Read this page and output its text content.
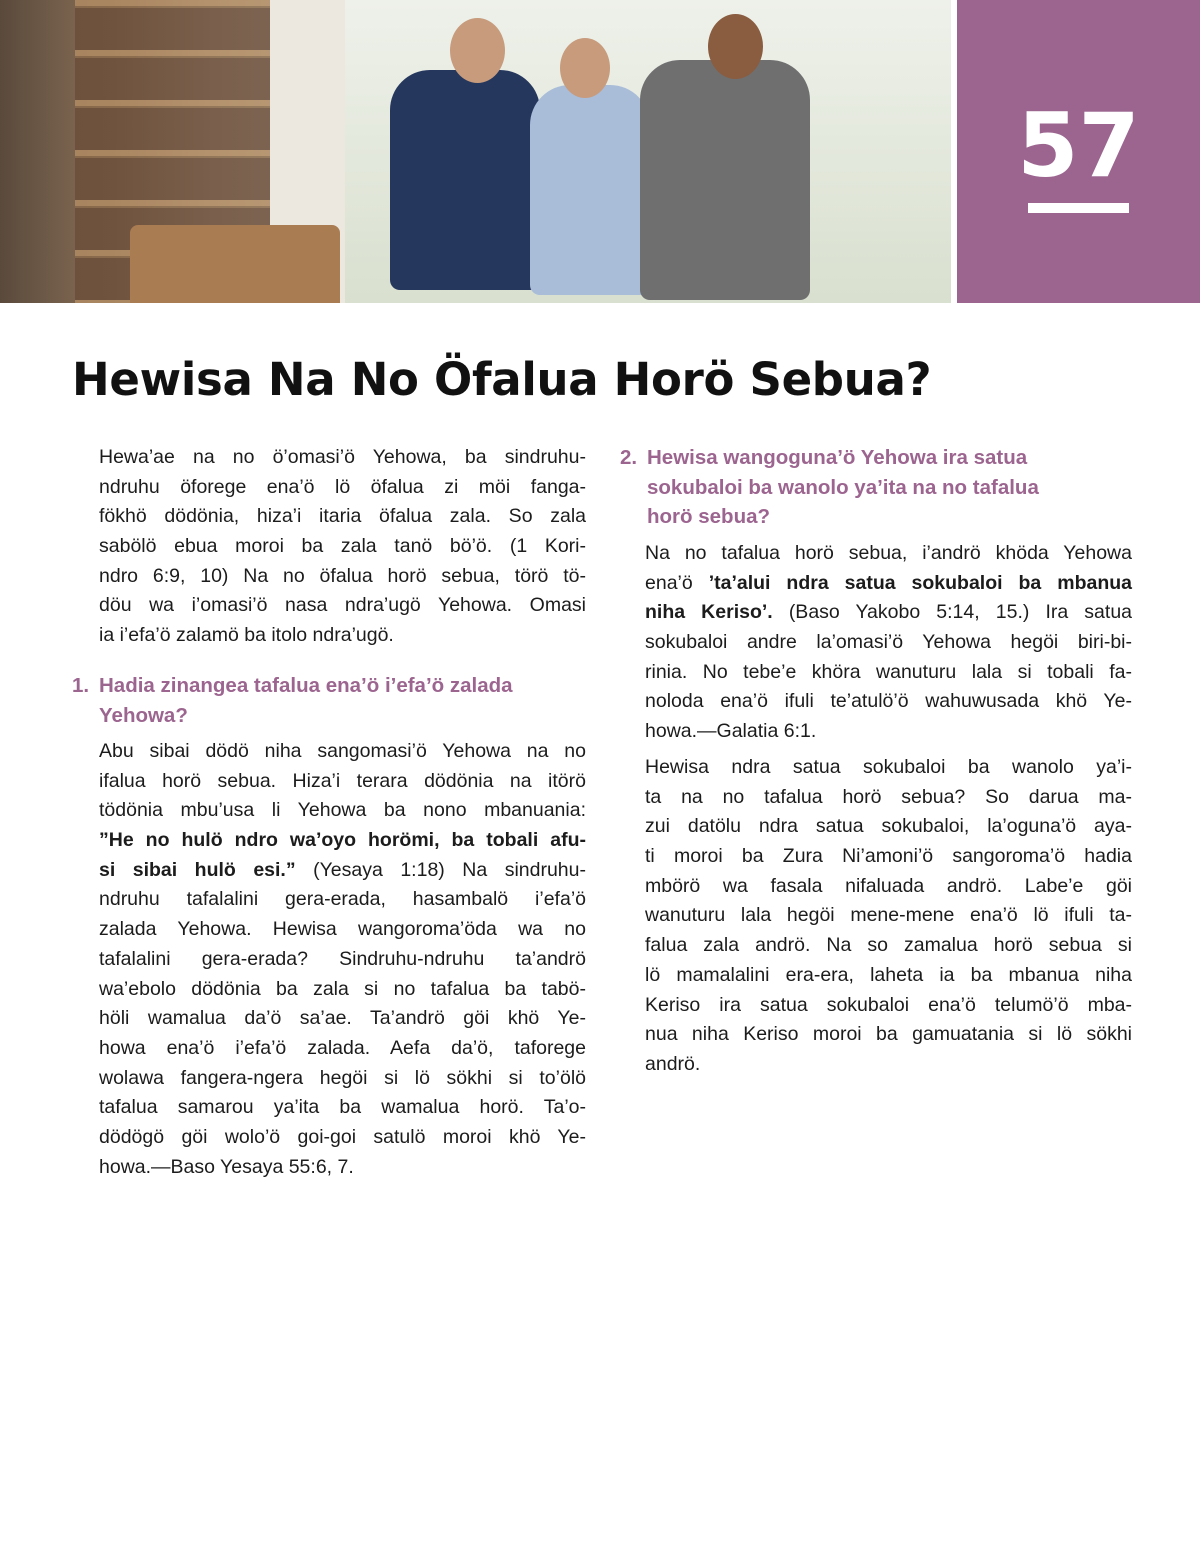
57
Hewisa Na No Öfalua Horö Sebua?
Hewa’ae na no ö’omasi’ö Yehowa, ba sindruhu-
ndruhu öforege ena’ö lö öfalua zi möi fanga-
fökhö dödönia, hiza’i itaria öfalua zala. So zala
sabölö ebua moroi ba zala tanö bö’ö. (1 Kori-
ndro 6:9, 10) Na no öfalua horö sebua, törö tö-
döu wa i’omasi’ö nasa ndra’ugö Yehowa. Omasi
ia i’efa’ö zalamö ba itolo ndra’ugö.
1. Hadia zinangea tafalua ena’ö i’efa’ö zalada
Yehowa?
Abu sibai dödö niha sangomasi’ö Yehowa na no
ifalua horö sebua. Hiza’i terara dödönia na itörö
tödönia mbu’usa li Yehowa ba nono mbanuania:
”He no hulö ndro wa’oyo horömi, ba tobali afu-
si sibai hulö esi.” (Yesaya 1:18) Na sindruhu-
ndruhu tafalalini gera-erada, hasambalö i’efa’ö
zalada Yehowa. Hewisa wangoroma’öda wa no
tafalalini gera-erada? Sindruhu-ndruhu ta’andrö
wa’ebolo dödönia ba zala si no tafalua ba tabö-
höli wamalua da’ö sa’ae. Ta’andrö göi khö Ye-
howa ena’ö i’efa’ö zalada. Aefa da’ö, taforege
wolawa fangera-ngera hegöi si lö sökhi si to’ölö
tafalua samarou ya’ita ba wamalua horö. Ta’o-
dödögö göi wolo’ö goi-goi satulö moroi khö Ye-
howa.—Baso Yesaya 55:6, 7.
2. Hewisa wangoguna’ö Yehowa ira satua
sokubaloi ba wanolo ya’ita na no tafalua
horö sebua?
Na no tafalua horö sebua, i’andrö khöda Yehowa
ena’ö ’ta’alui ndra satua sokubaloi ba mbanua
niha Keriso’. (Baso Yakobo 5:14, 15.) Ira satua
sokubaloi andre la’omasi’ö Yehowa hegöi biri-bi-
rinia. No tebe’e khöra wanuturu lala si tobali fa-
noloda ena’ö ifuli te’atulö’ö wahuwusada khö Ye-
howa.—Galatia 6:1.
Hewisa ndra satua sokubaloi ba wanolo ya’i-
ta na no tafalua horö sebua? So darua ma-
zui datölu ndra satua sokubaloi, la’oguna’ö aya-
ti moroi ba Zura Ni’amoni’ö sangoroma’ö hadia
mbörö wa fasala nifaluada andrö. Labe’e göi
wanuturu lala hegöi mene-mene ena’ö lö ifuli ta-
falua zala andrö. Na so zamalua horö sebua si
lö mamalalini era-era, laheta ia ba mbanua niha
Keriso ira satua sokubaloi ena’ö telumö’ö mba-
nua niha Keriso moroi ba gamuatania si lö sökhi
andrö.
